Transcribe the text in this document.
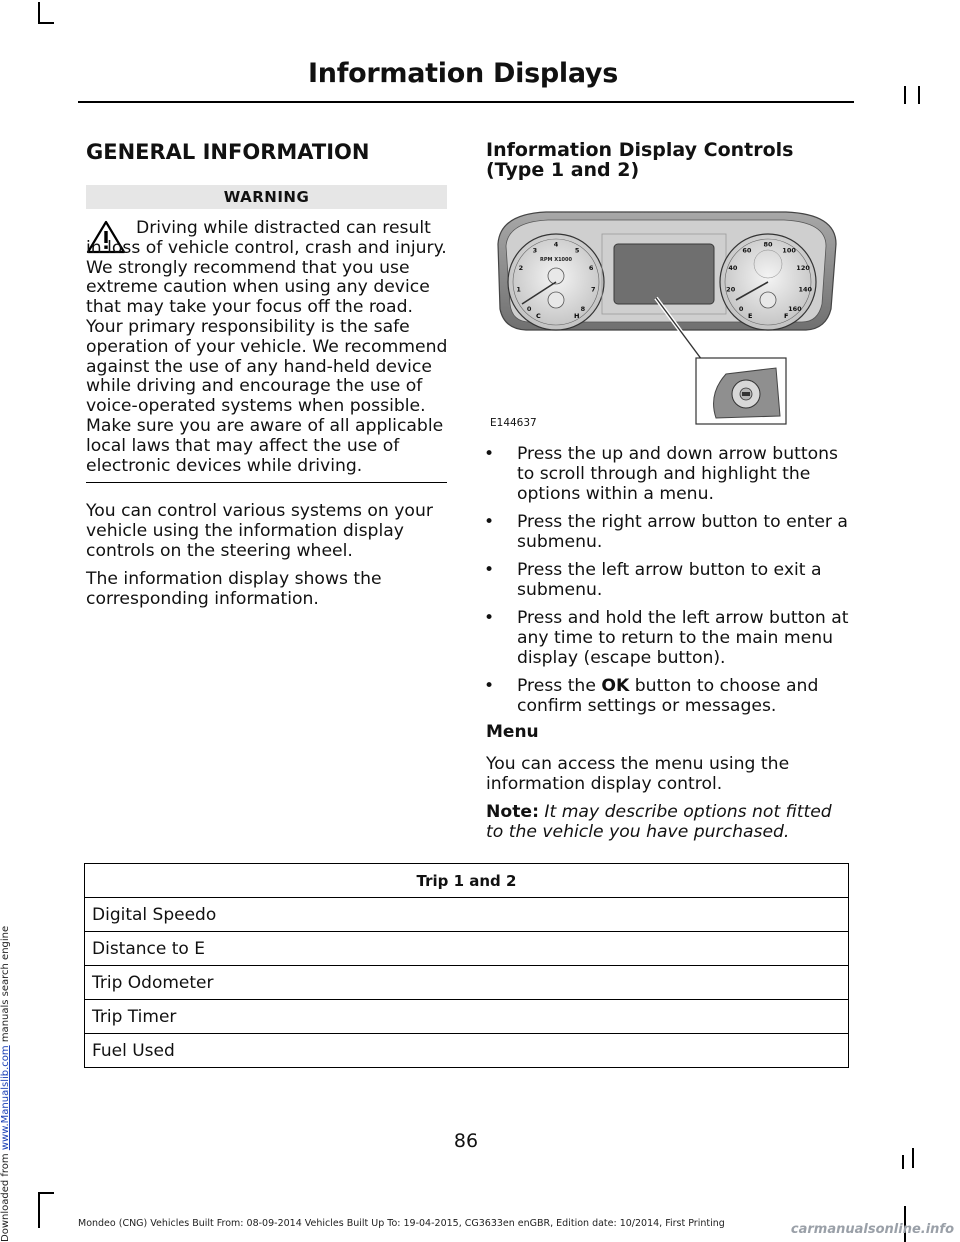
Information Displays
GENERAL INFORMATION
WARNING
Driving while distracted can result in loss of vehicle control, crash and injury. We strongly recommend that you use extreme caution when using any device that may take your focus off the road. Your primary responsibility is the safe operation of your vehicle. We recommend against the use of any hand-held device while driving and encourage the use of voice-operated systems when possible. Make sure you are aware of all applicable local laws that may affect the use of electronic devices while driving.

You can control various systems on your vehicle using the information display controls on the steering wheel.

The information display shows the corresponding information.

Information Display Controls (Type 1 and 2)
RPM X1000
0
1
2
3
4
5
6
7
8
C	H
0
20
40
60
80
100
120
140
160
E	F
E144637
• Press the up and down arrow buttons to scroll through and highlight the options within a menu.
• Press the right arrow button to enter a submenu.
• Press the left arrow button to exit a submenu.
• Press and hold the left arrow button at any time to return to the main menu display (escape button).
• Press the OK button to choose and confirm settings or messages.
Menu

You can access the menu using the information display control.

Note: It may describe options not fitted to the vehicle you have purchased.

Trip 1 and 2
Digital Speedo
Distance to E
Trip Odometer
Trip Timer
Fuel Used
86
Mondeo (CNG) Vehicles Built From: 08-09-2014 Vehicles Built Up To: 19-04-2015, CG3633en enGBR, Edition date: 10/2014, First Printing
Downloaded from www.Manualslib.com manuals search engine
carmanualsonline.info
